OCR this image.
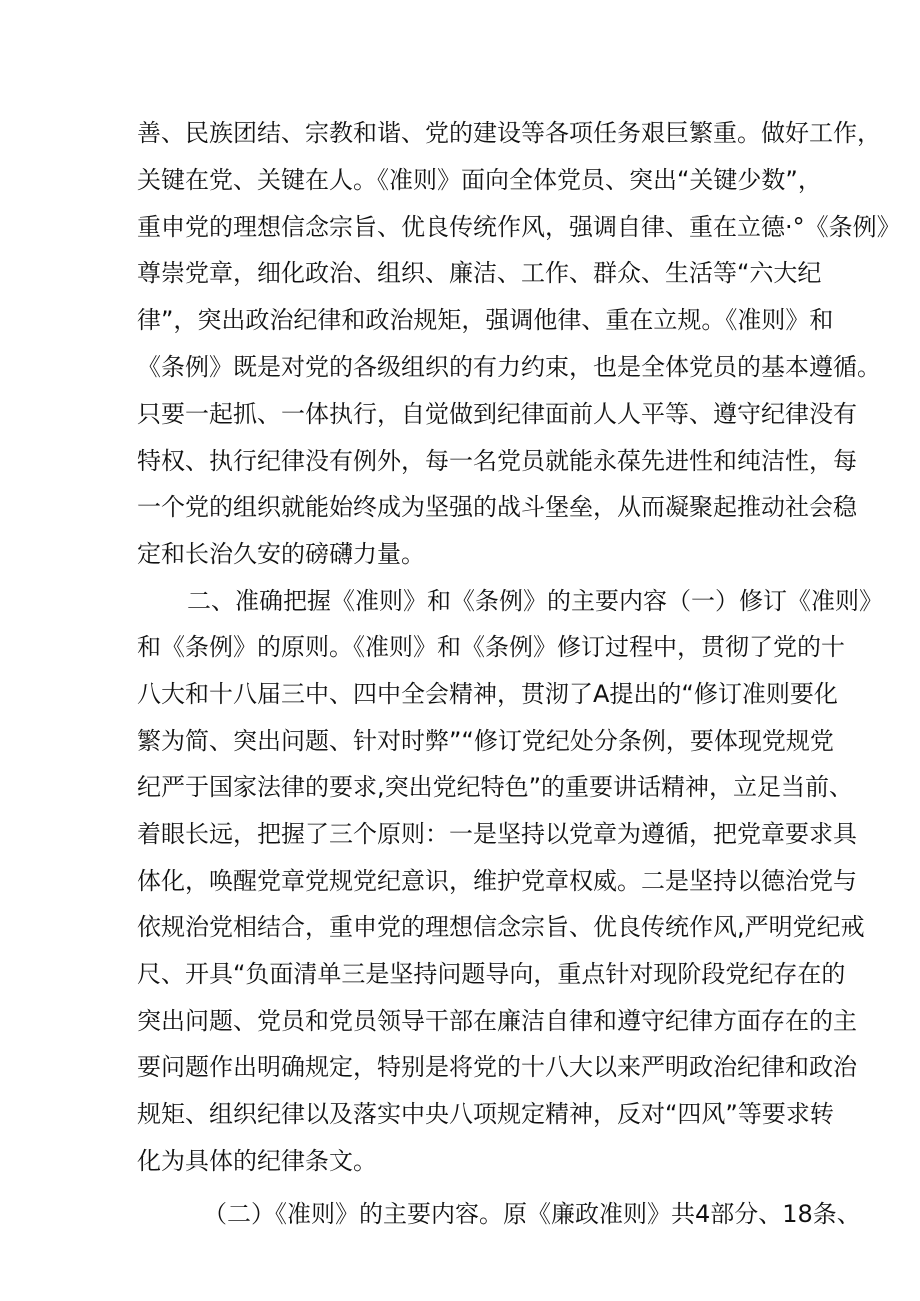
善、民族团结、宗教和谐、党的建设等各项任务艰巨繁重。做好工作，
关键在党、关键在人。《准则》面向全体党员、突出“关键少数”，
重申党的理想信念宗旨、优良传统作风，强调自律、重在立德·°《条例》
尊崇党章，细化政治、组织、廉洁、工作、群众、生活等“六大纪
律”，突出政治纪律和政治规矩，强调他律、重在立规。《准则》和
《条例》既是对党的各级组织的有力约束，也是全体党员的基本遵循。
只要一起抓、一体执行，自觉做到纪律面前人人平等、遵守纪律没有
特权、执行纪律没有例外，每一名党员就能永葆先进性和纯洁性，每
一个党的组织就能始终成为坚强的战斗堡垒，从而凝聚起推动社会稳
定和长治久安的磅礴力量。
二、准确把握《准则》和《条例》的主要内容（一）修订《准则》
和《条例》的原则。《准则》和《条例》修订过程中，贯彻了党的十
八大和十八届三中、四中全会精神，贯沏了A提出的“修订准则要化
繁为简、突出问题、针对时弊”“修订党纪处分条例，要体现党规党
纪严于国家法律的要求,突出党纪特色”的重要讲话精神，立足当前、
着眼长远，把握了三个原则：一是坚持以党章为遵循，把党章要求具
体化，唤醒党章党规党纪意识，维护党章权威。二是坚持以德治党与
依规治党相结合，重申党的理想信念宗旨、优良传统作风,严明党纪戒
尺、开具“负面清单三是坚持问题导向，重点针对现阶段党纪存在的
突出问题、党员和党员领导干部在廉洁自律和遵守纪律方面存在的主
要问题作出明确规定，特别是将党的十八大以来严明政治纪律和政治
规矩、组织纪律以及落实中央八项规定精神，反对“四风”等要求转
化为具体的纪律条文。
（二）《准则》的主要内容。原《廉政准则》共4部分、18条、
